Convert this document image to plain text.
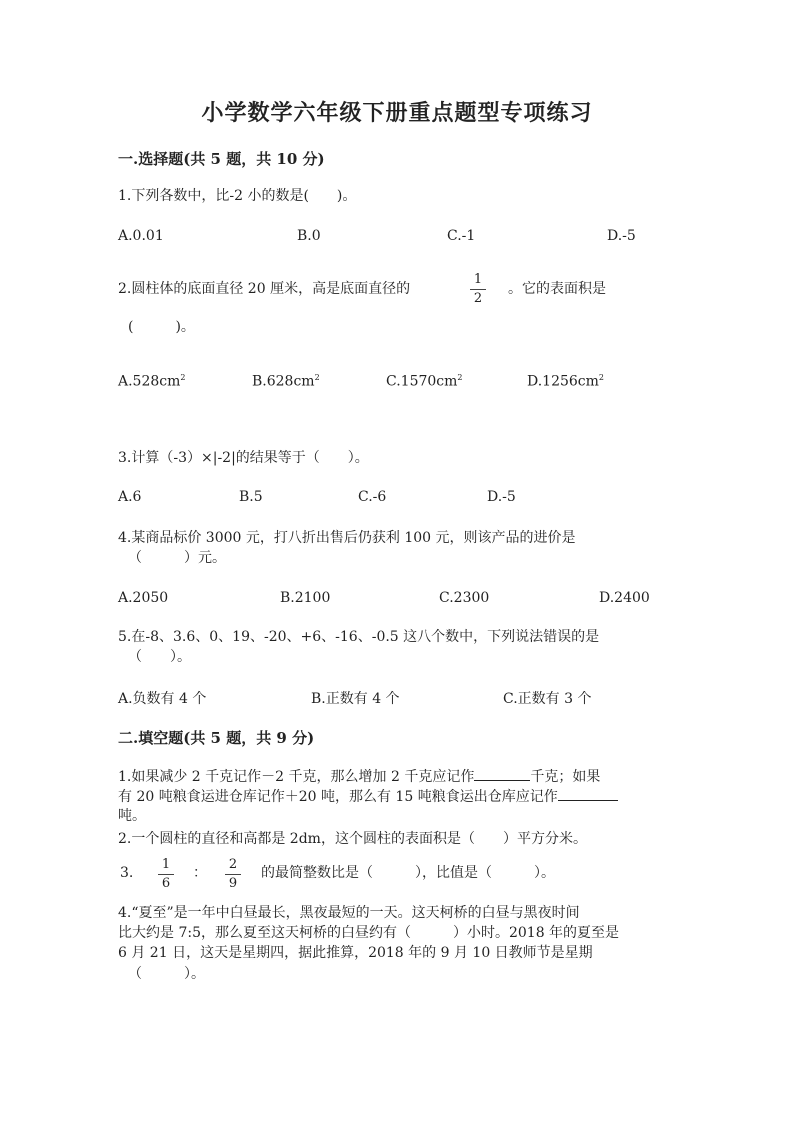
小学数学六年级下册重点题型专项练习
一.选择题(共 5 题，共 10 分)
1.下列各数中，比-2 小的数是(　　)。
A.0.01	B.0	C.-1	D.-5
2.圆柱体的底面直径 20 厘米，高是底面直径的
1
2
。它的表面积是
(　　　)。
$A.528cm^2$	$B.628cm^2$	$C.1570cm^2$	$D.1256cm^2$
3.计算（-3）×|-2|的结果等于（　　）。
A.6	B.5	C.-6	D.-5
4.某商品标价 3000 元，打八折出售后仍获利 100 元，则该产品的进价是
（　　　）元。
A.2050	B.2100	C.2300	D.2400
5.在-8、3.6、0、19、-20、+6、-16、-0.5 这八个数中，下列说法错误的是
（　　）。
A.负数有 4 个	B.正数有 4 个	C.正数有 3 个
二.填空题(共 5 题，共 9 分)
1.如果减少 2 千克记作－2 千克，那么增加 2 千克应记作	千克；如果
有 20 吨粮食运进仓库记作＋20 吨，那么有 15 吨粮食运出仓库应记作
吨。
2.一个圆柱的直径和高都是 2dm，这个圆柱的表面积是（　　）平方分米。
3.
1
6
：
2
9
的最简整数比是（　　　），比值是（　　　）。
4.“夏至”是一年中白昼最长，黑夜最短的一天。这天柯桥的白昼与黑夜时间
比大约是 7:5，那么夏至这天柯桥的白昼约有（　　　）小时。2018 年的夏至是
6 月 21 日，这天是星期四，据此推算，2018 年的 9 月 10 日教师节是星期
（　　　）。
